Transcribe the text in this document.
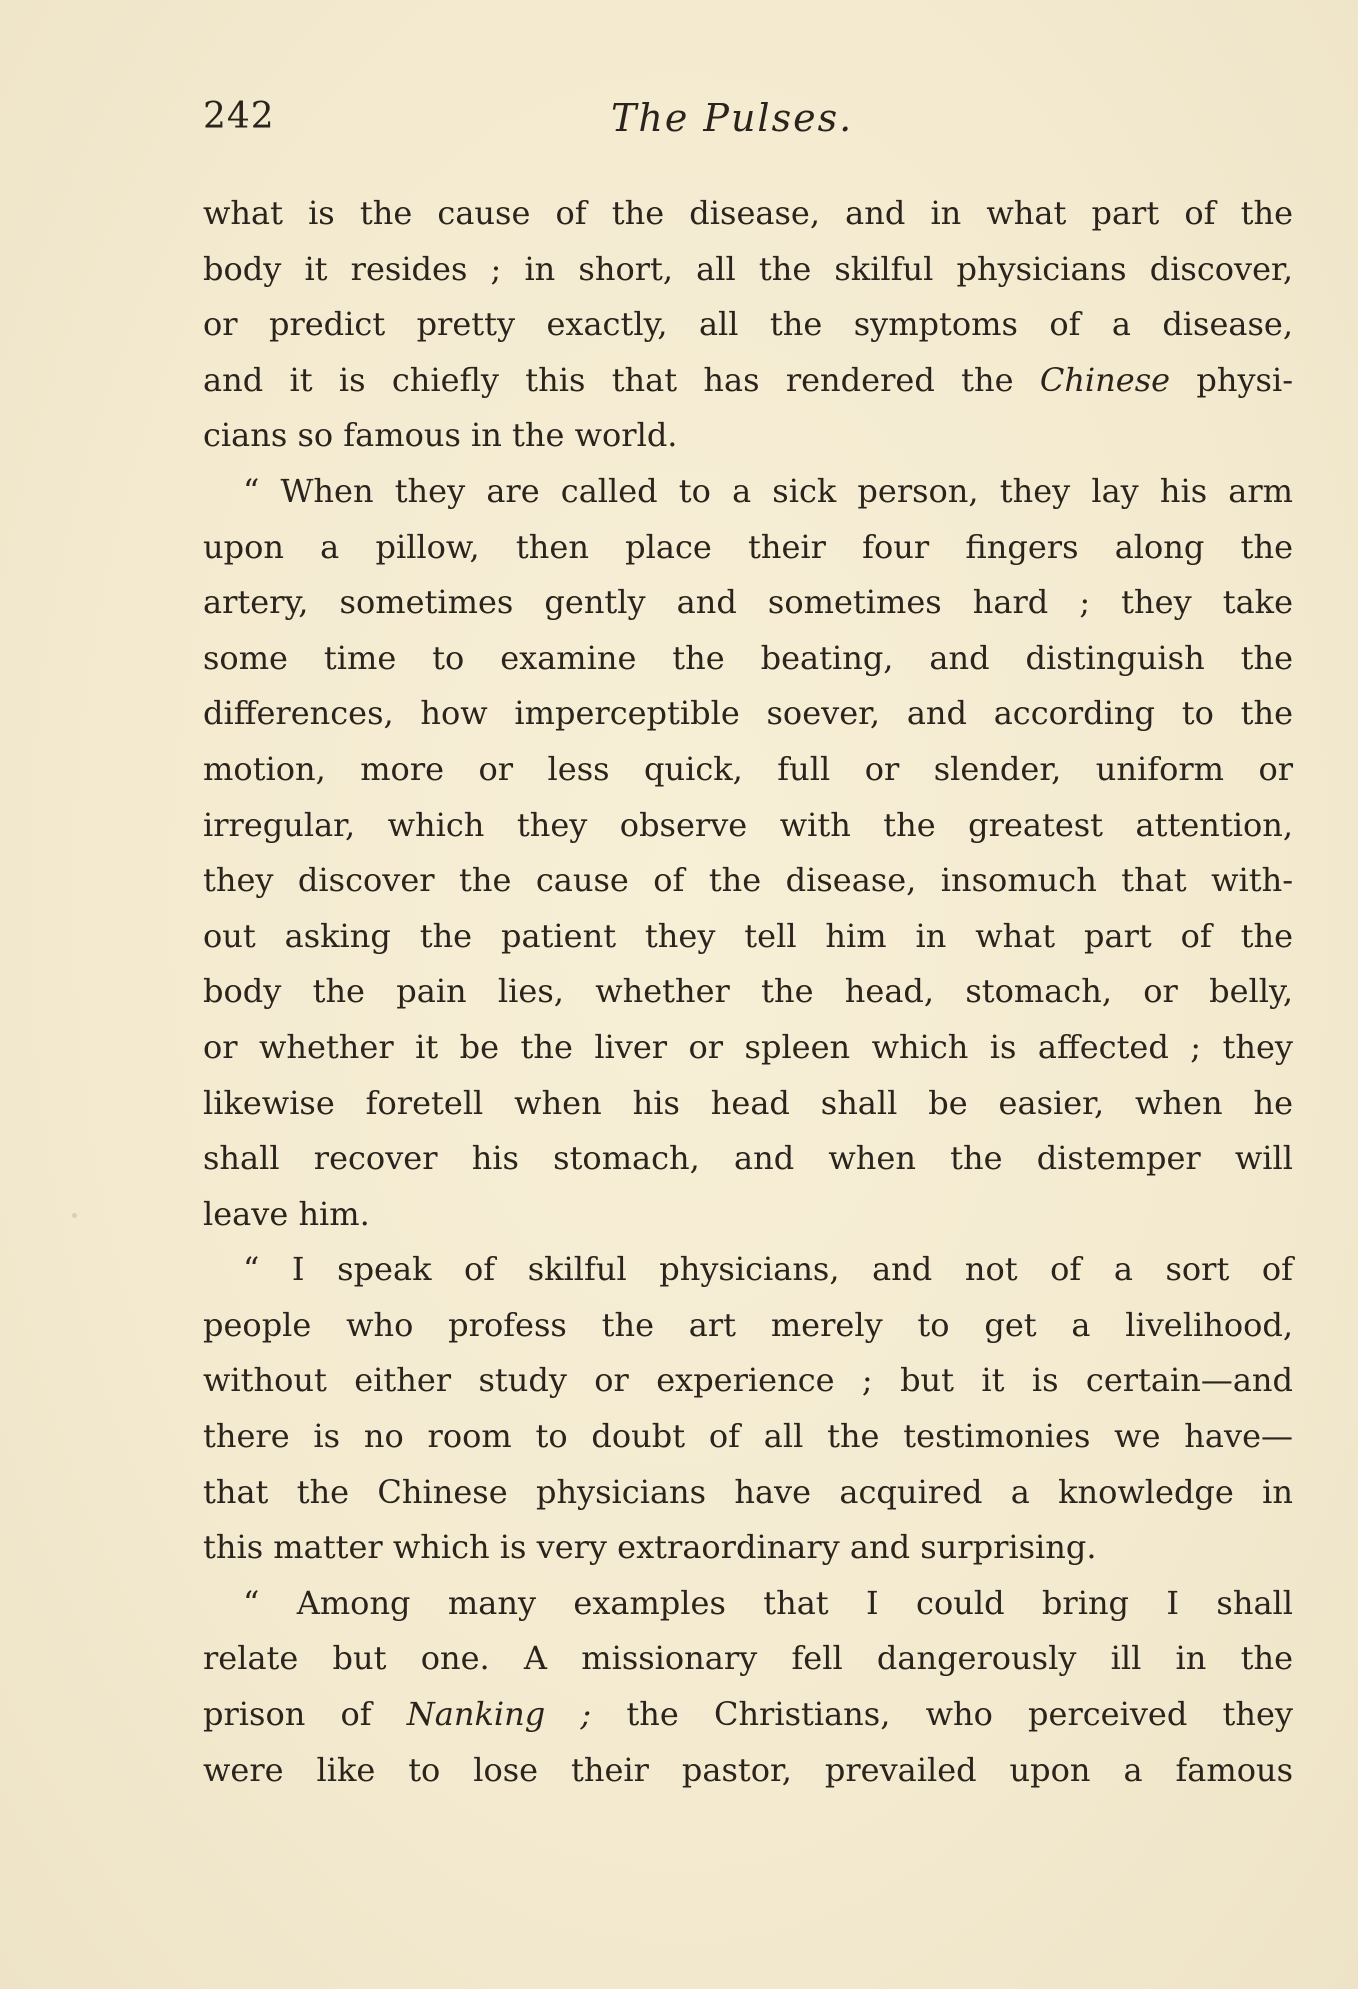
242	The Pulses.
what is the cause of the disease, and in what part of the
body it resides ; in short, all the skilful physicians discover,
or predict pretty exactly, all the symptoms of a disease,
and it is chiefly this that has rendered the Chinese physi-
cians so famous in the world.
“ When they are called to a sick person, they lay his arm
upon a pillow, then place their four fingers along the
artery, sometimes gently and sometimes hard ; they take
some time to examine the beating, and distinguish the
differences, how imperceptible soever, and according to the
motion, more or less quick, full or slender, uniform or
irregular, which they observe with the greatest attention,
they discover the cause of the disease, insomuch that with-
out asking the patient they tell him in what part of the
body the pain lies, whether the head, stomach, or belly,
or whether it be the liver or spleen which is affected ; they
likewise foretell when his head shall be easier, when he
shall recover his stomach, and when the distemper will
leave him.
“ I speak of skilful physicians, and not of a sort of
people who profess the art merely to get a livelihood,
without either study or experience ; but it is certain—and
there is no room to doubt of all the testimonies we have—
that the Chinese physicians have acquired a knowledge in
this matter which is very extraordinary and surprising.
“ Among many examples that I could bring I shall
relate but one. A missionary fell dangerously ill in the
prison of Nanking ; the Christians, who perceived they
were like to lose their pastor, prevailed upon a famous
